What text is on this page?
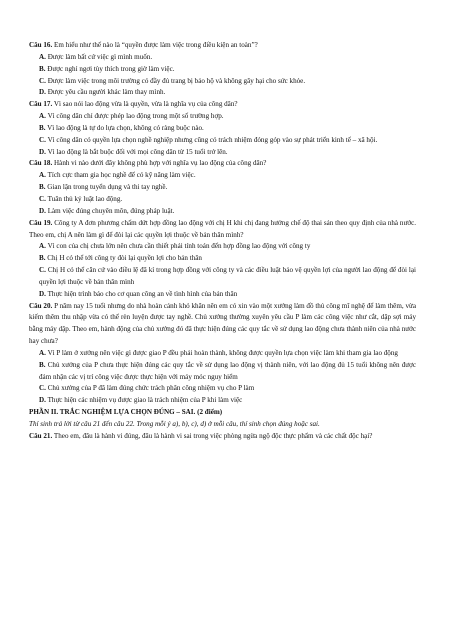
Câu 16. Em hiểu như thế nào là “quyền được làm việc trong điều kiện an toàn”?
A. Được làm bất cứ việc gì mình muốn.
B. Được nghỉ ngơi tùy thích trong giờ làm việc.
C. Được làm việc trong môi trường có đầy đủ trang bị bảo hộ và không gây hại cho sức khỏe.
D. Được yêu cầu người khác làm thay mình.
Câu 17. Vì sao nói lao động vừa là quyền, vừa là nghĩa vụ của công dân?
A. Vì công dân chỉ được phép lao động trong một số trường hợp.
B. Vì lao động là tự do lựa chọn, không có ràng buộc nào.
C. Vì công dân có quyền lựa chọn nghề nghiệp nhưng cũng có trách nhiệm đóng góp vào sự phát triển kinh tế – xã hội.
D. Vì lao động là bắt buộc đối với mọi công dân từ 15 tuổi trở lên.
Câu 18. Hành vi nào dưới đây không phù hợp với nghĩa vụ lao động của công dân?
A. Tích cực tham gia học nghề để có kỹ năng làm việc.
B. Gian lận trong tuyển dụng và thi tay nghề.
C. Tuân thủ kỷ luật lao động.
D. Làm việc đúng chuyên môn, đúng pháp luật.
Câu 19. Công ty A đơn phương chấm dứt hợp đồng lao động với chị H khi chị đang hưởng chế độ thai sản theo quy định của nhà nước. Theo em, chị A nên làm gì để đòi lại các quyền lợi thuộc về bản thân mình?
A. Vì con của chị chưa lớn nên chưa cần thiết phải tính toán đến hợp đồng lao động với công ty
B. Chị H có thể tới công ty đòi lại quyền lợi cho bản thân
C. Chị H có thể căn cứ vào điều lệ đã kí trong hợp đồng với công ty và các điều luật bảo vệ quyền lợi của người lao động để đòi lại quyền lợi thuộc về bản thân mình
D. Thực hiện trình báo cho cơ quan công an về tình hình của bản thân
Câu 20. P năm nay 15 tuổi nhưng do nhà hoàn cảnh khó khăn nên em có xin vào một xưởng làm đồ thủ công mĩ nghệ để làm thêm, vừa kiếm thêm thu nhập vừa có thể rèn luyện được tay nghề. Chủ xưởng thường xuyên yêu cầu P làm các công việc như cắt, dập sợi máy bằng máy dập. Theo em, hành động của chủ xưởng đó đã thực hiện đúng các quy tắc về sử dụng lao động chưa thành niên của nhà nước hay chưa?
A. Vì P làm ở xưởng nên việc gì được giao P đều phải hoàn thành, không được quyền lựa chọn việc làm khi tham gia lao động
B. Chủ xưởng của P chưa thực hiện đúng các quy tắc về sử dụng lao động vị thành niên, với lao động đủ 15 tuổi không nên được đảm nhận các vị trí công việc được thực hiện với máy móc nguy hiểm
C. Chủ xưởng của P đã làm đúng chức trách phân công nhiệm vụ cho P làm
D. Thực hiện các nhiệm vụ được giao là trách nhiệm của P khi làm việc
PHẦN II. TRẮC NGHIỆM LỰA CHỌN ĐÚNG – SAI. (2 điểm)
Thí sinh trả lời từ câu 21 đến câu 22. Trong mỗi ý a), b), c), d) ở mỗi câu, thí sinh chọn đúng hoặc sai.
Câu 21. Theo em, đâu là hành vi đúng, đâu là hành vi sai trong việc phòng ngừa ngộ độc thực phẩm và các chất độc hại?
